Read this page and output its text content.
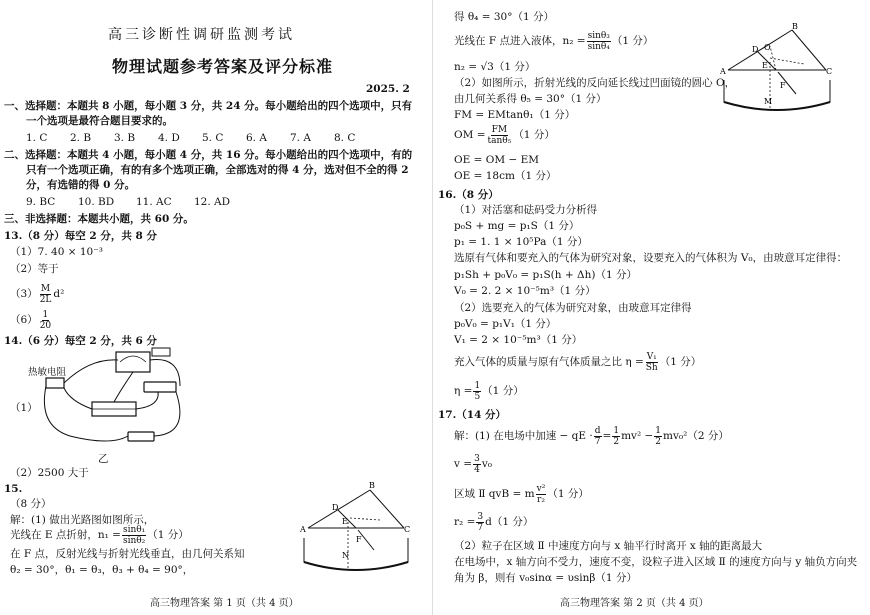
高三诊断性调研监测考试
物理试题参考答案及评分标准
2025. 2
一、选择题：本题共 8 小题，每小题 3 分，共 24 分。每小题给出的四个选项中，只有
一个选项是最符合题目要求的。
1. C 2. B 3. B 4. D 5. C 6. A 7. A 8. C
二、选择题：本题共 4 小题，每小题 4 分，共 16 分。每小题给出的四个选项中，有的
只有一个选项正确，有的有多个选项正确，全部选对的得 4 分，选对但不全的得 2
分，有选错的得 0 分。
9. BC 10. BD 11. AC 12. AD
三、非选择题：本题共小题，共 60 分。
13.（8 分）每空 2 分，共 8 分
（1）7. 40 × 10⁻³
（2）等于
$(3) \frac{M}{2L} d^2$
$(6) \frac{1}{20}$
14.（6 分）每空 2 分，共 6 分
热敏电阻
（1）
乙
（2）2500 大于
15.
（8 分）
解：(1) 做出光路图如图所示，
光线在 E 点折射，$n_1 = \frac{\text{sinθ₁}}{\text{sinθ₂}} (1$ 分）
在 F 点，反射光线与折射光线垂直，由几何关系知
θ₂ = 30°，θ₁ = θ₃，θ₃ + θ₄ = 90°，
A
B
C
D
E
F
N
高三物理答案 第 1 页（共 4 页）
得 θ₄ = 30°（1 分）
光线在 F 点进入液体，$n_2 = \frac{\text{sinθ₃}}{\text{sinθ₄}} (1$ 分）
n₂ = √3（1 分）
（2）如图所示，折射光线的反向延长线过凹面镜的圆心 O，
由几何关系得 θ₅ = 30°（1 分）
FM = EMtanθ₁（1 分）
OM = $\frac{FM}{\text{tanθ₅}} (1$ 分）
OE = OM − EM
OE = 18cm（1 分）
A
B
C
D O
E
F
M
16.（8 分）
（1）对活塞和砝码受力分析得
p₀S + mg = p₁S（1 分）
p₁ = 1. 1 × 10⁵Pa（1 分）
选原有气体和要充入的气体为研究对象，设要充入的气体积为 V₀，由玻意耳定律得：
p₁Sh + p₀V₀ = p₁S(h + Δh)（1 分）
V₀ = 2. 2 × 10⁻⁵m³（1 分）
（2）选要充入的气体为研究对象，由玻意耳定律得
p₀V₀ = p₁V₁（1 分）
V₁ = 2 × 10⁻⁵m³（1 分）
充入气体的质量与原有气体质量之比 $\eta = \frac{\text{V₁}}{Sh} (1$ 分）
$\eta = \frac{1}{5} (1$ 分）
17.（14 分）
解：(1) 在电场中加速 − qE · $\frac{d}{7} = \frac{1}{2} mv^2 - \frac{1}{2} mv_0^2(2$ 分）
$v = \frac{3}{4} v_0$
区域 Ⅱ qvB = m $\frac{\text{v²}}{\text{r₂}} (1$ 分）
$r_2 = \frac{3}{7} d(1$ 分）
（2）粒子在区域 Ⅱ 中速度方向与 x 轴平行时离开 x 轴的距离最大
在电场中，x 轴方向不受力，速度不变，设粒子进入区域 Ⅱ 的速度方向与 y 轴负方向夹
角为 β，则有 v₀sinα = υsinβ（1 分）
高三物理答案 第 2 页（共 4 页）
